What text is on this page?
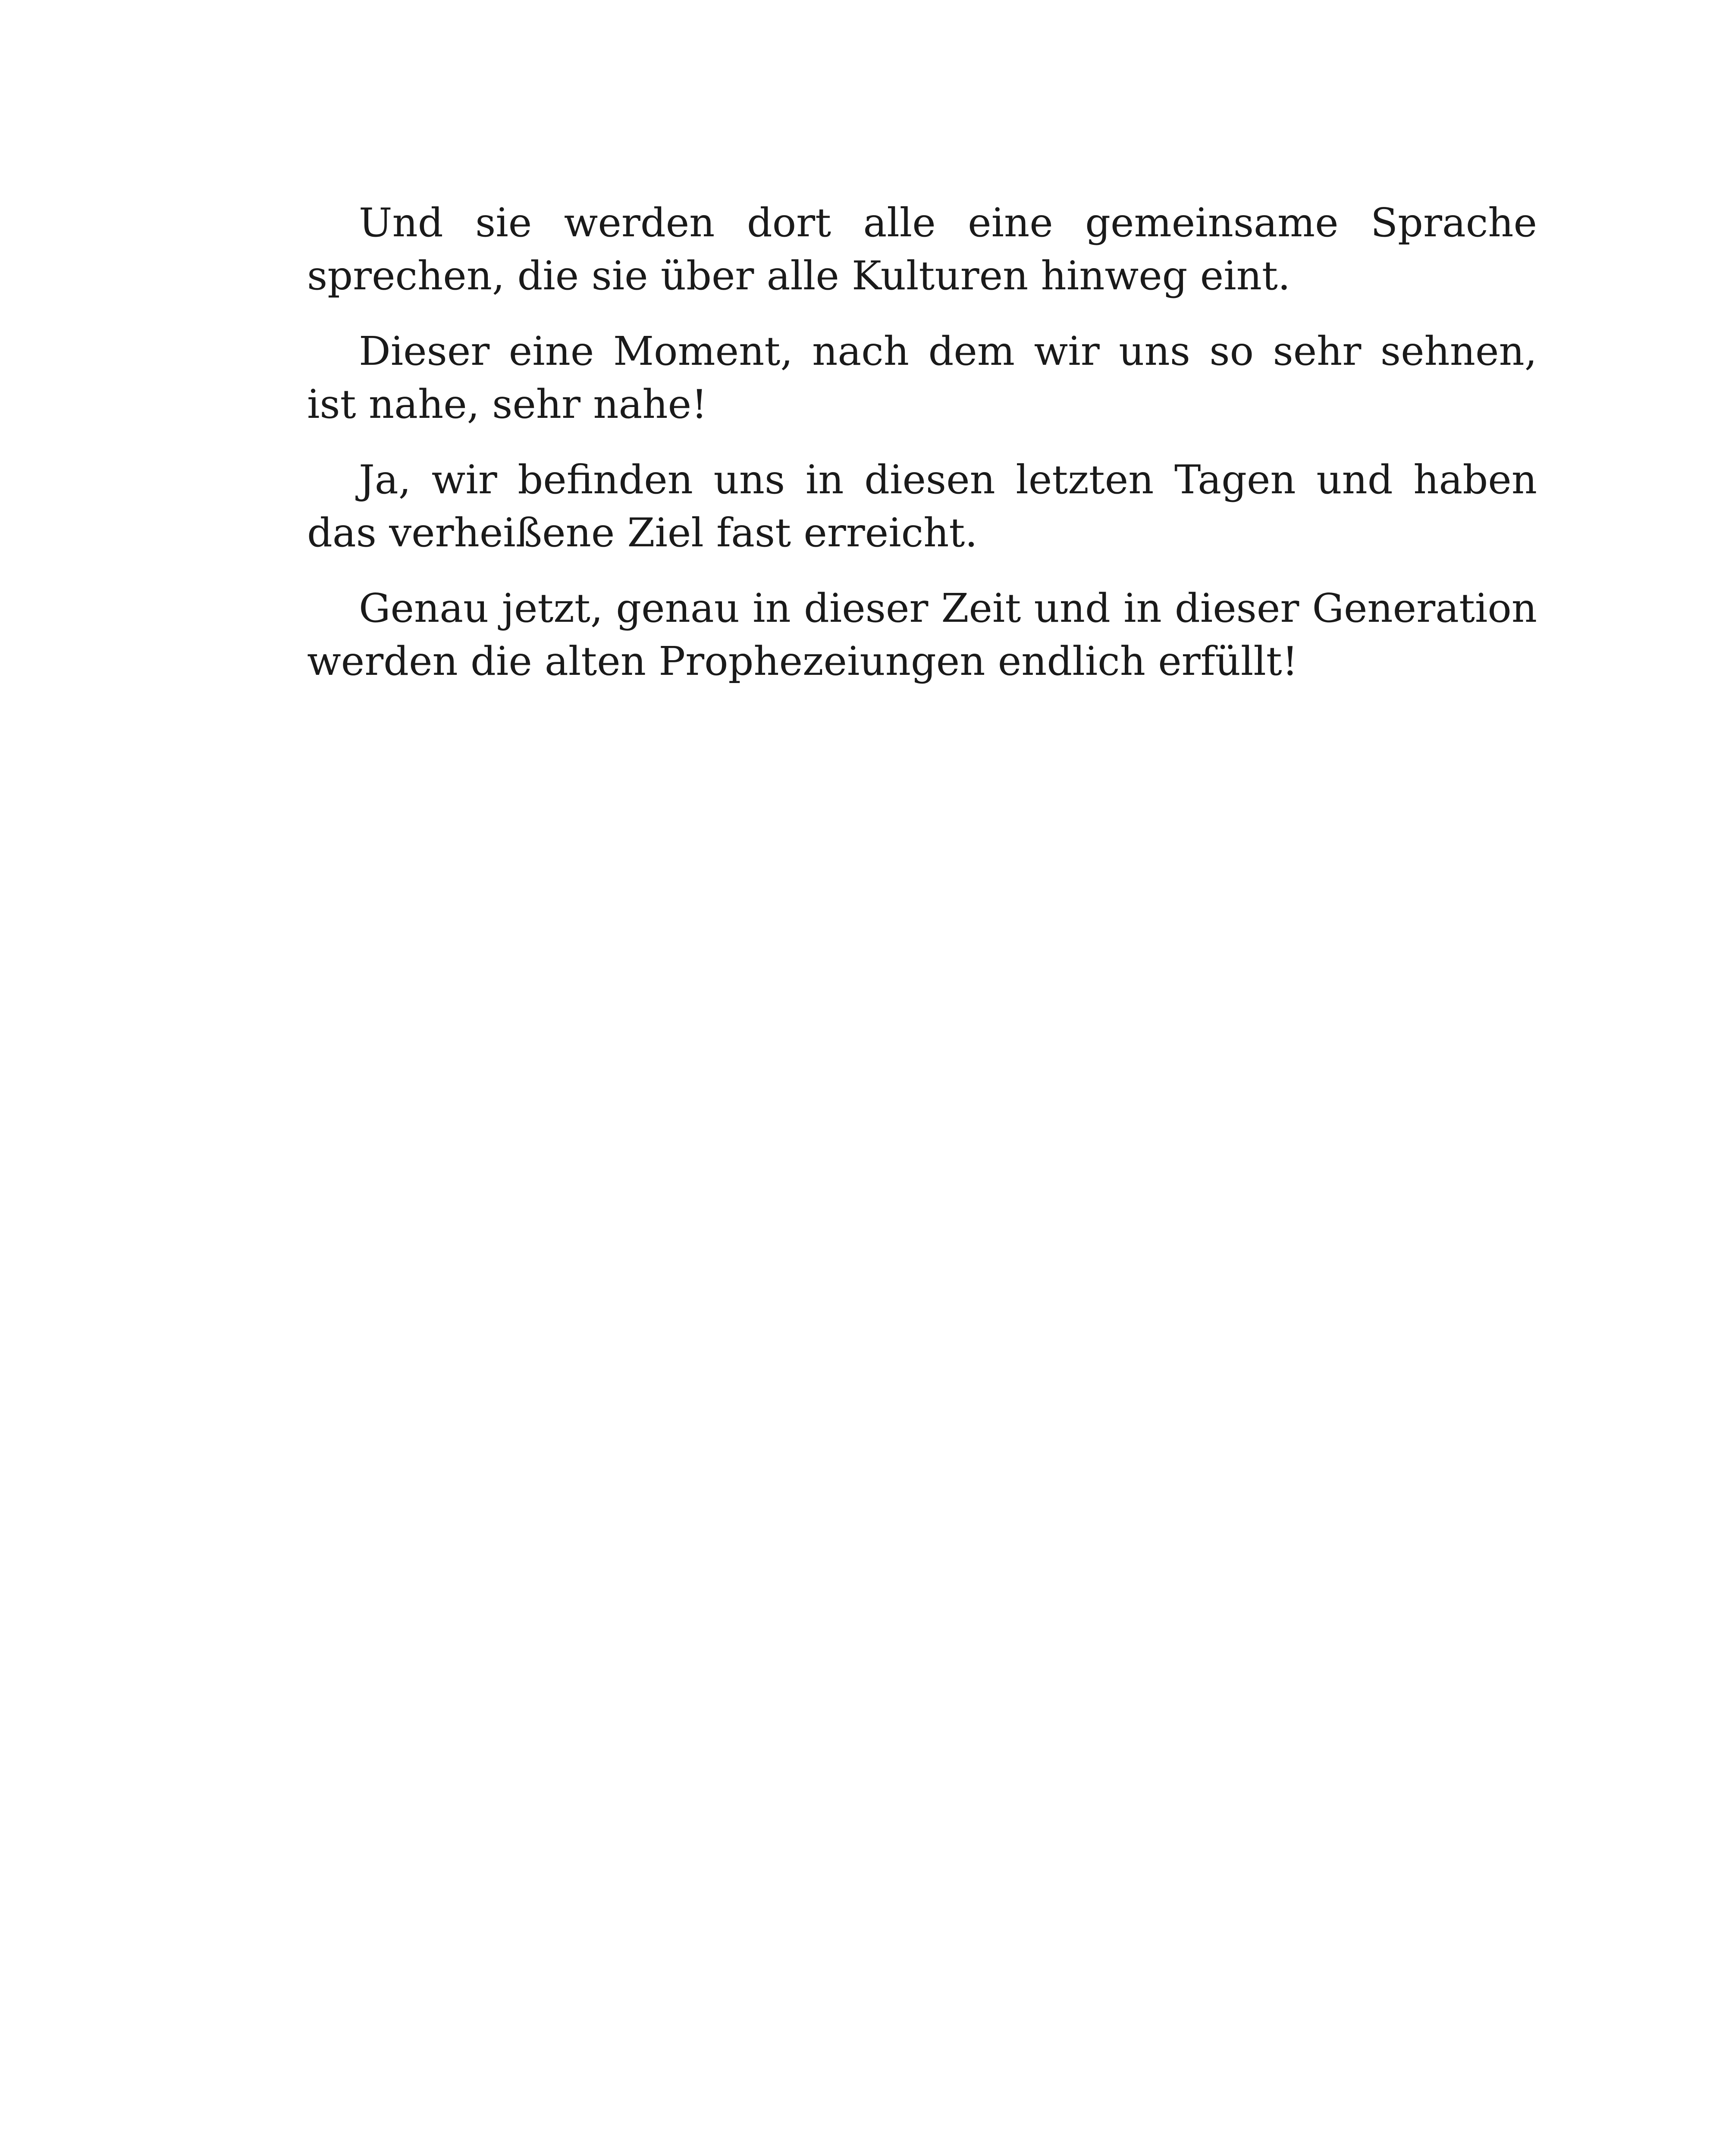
Und sie werden dort alle eine gemeinsame Sprache sprechen, die sie über alle Kulturen hinweg eint.

Dieser eine Moment, nach dem wir uns so sehr sehnen, ist nahe, sehr nahe!

Ja, wir befinden uns in diesen letzten Tagen und haben das verheißene Ziel fast erreicht.

Genau jetzt, genau in dieser Zeit und in dieser Generation werden die alten Prophezeiungen endlich erfüllt!
